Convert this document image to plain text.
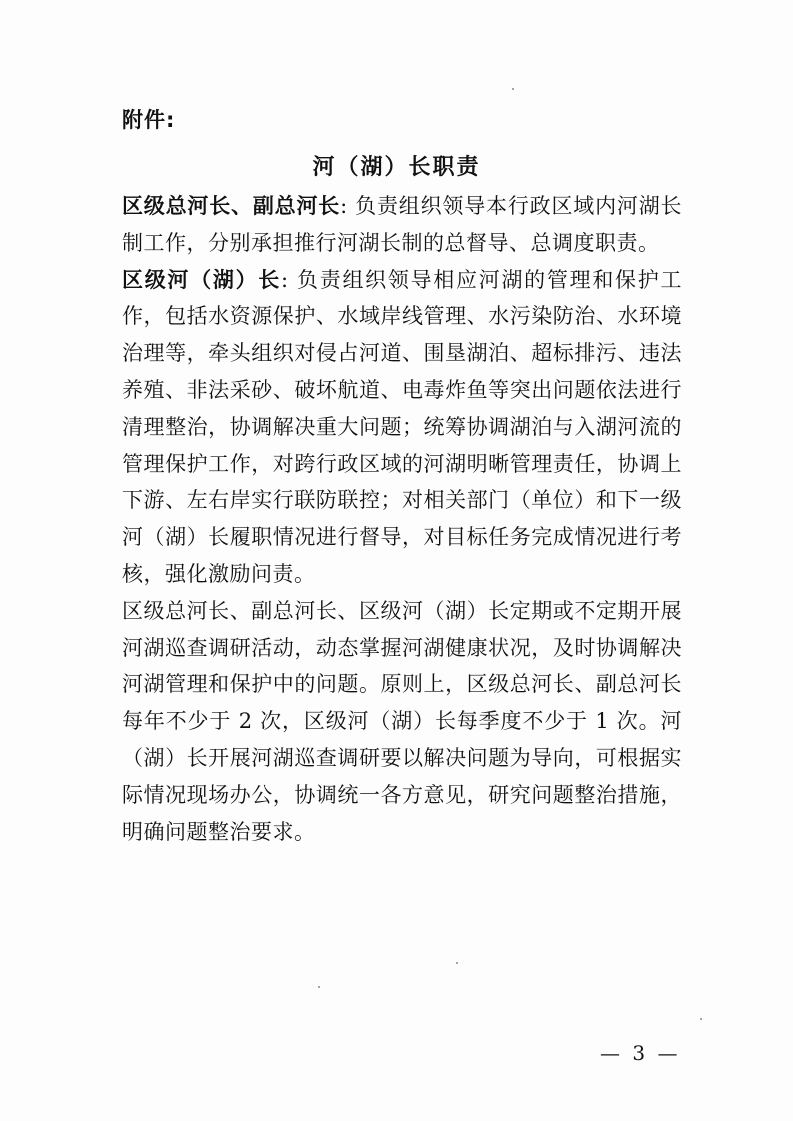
附件:
河（湖）长职责

区级总河长、副总河长: 负责组织领导本行政区域内河湖长制工作，分别承担推行河湖长制的总督导、总调度职责。

区级河（湖）长: 负责组织领导相应河湖的管理和保护工作，包括水资源保护、水域岸线管理、水污染防治、水环境治理等，牵头组织对侵占河道、围垦湖泊、超标排污、违法养殖、非法采砂、破坏航道、电毒炸鱼等突出问题依法进行清理整治，协调解决重大问题；统筹协调湖泊与入湖河流的管理保护工作，对跨行政区域的河湖明晰管理责任，协调上下游、左右岸实行联防联控；对相关部门（单位）和下一级河（湖）长履职情况进行督导，对目标任务完成情况进行考核，强化激励问责。

区级总河长、副总河长、区级河（湖）长定期或不定期开展河湖巡查调研活动，动态掌握河湖健康状况，及时协调解决河湖管理和保护中的问题。原则上，区级总河长、副总河长每年不少于 2 次，区级河（湖）长每季度不少于 1 次。河（湖）长开展河湖巡查调研要以解决问题为导向，可根据实际情况现场办公，协调统一各方意见，研究问题整治措施，明确问题整治要求。

— 3 —
